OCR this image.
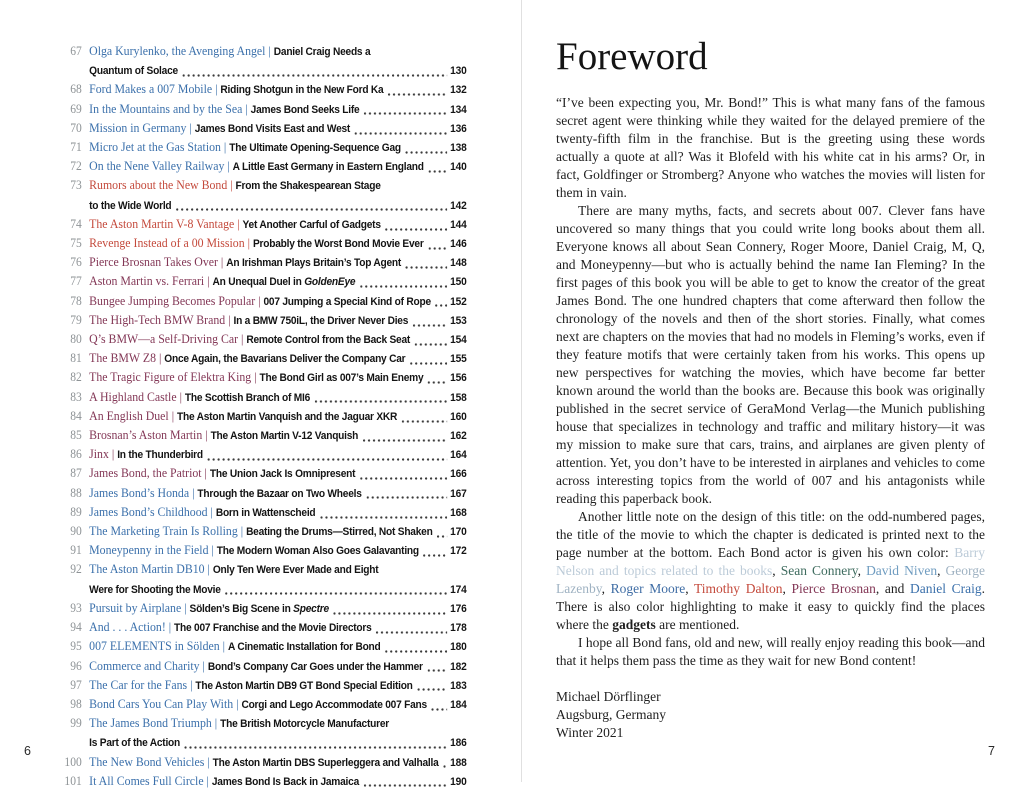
67 Olga Kurylenko, the Avenging Angel | Daniel Craig Needs a
Quantum of Solace	130
68 Ford Makes a 007 Mobile | Riding Shotgun in the New Ford Ka	132
69 In the Mountains and by the Sea | James Bond Seeks Life	134
70 Mission in Germany | James Bond Visits East and West	136
71 Micro Jet at the Gas Station | The Ultimate Opening-Sequence Gag	138
72 On the Nene Valley Railway | A Little East Germany in Eastern England 140
73 Rumors about the New Bond | From the Shakespearean Stage
to the Wide World	142
74 The Aston Martin V-8 Vantage | Yet Another Carful of Gadgets	144
75 Revenge Instead of a 00 Mission | Probably the Worst Bond Movie Ever 146
76 Pierce Brosnan Takes Over | An Irishman Plays Britain’s Top Agent	148
77 Aston Martin vs. Ferrari | An Unequal Duel in GoldenEye	150
78 Bungee Jumping Becomes Popular | 007 Jumping a Special Kind of Rope 152
79 The High-Tech BMW Brand | In a BMW 750iL, the Driver Never Dies	153
80 Q’s BMW—a Self-Driving Car | Remote Control from the Back Seat	154
81 The BMW Z8 | Once Again, the Bavarians Deliver the Company Car	155
82 The Tragic Figure of Elektra King | The Bond Girl as 007’s Main Enemy 156
83 A Highland Castle | The Scottish Branch of MI6	158
84 An English Duel | The Aston Martin Vanquish and the Jaguar XKR	160
85 Brosnan’s Aston Martin | The Aston Martin V-12 Vanquish	162
86 Jinx | In the Thunderbird	164
87 James Bond, the Patriot | The Union Jack Is Omnipresent	166
88 James Bond’s Honda | Through the Bazaar on Two Wheels	167
89 James Bond’s Childhood | Born in Wattenscheid	168
90 The Marketing Train Is Rolling | Beating the Drums—Stirred, Not Shaken 170
91 Moneypenny in the Field | The Modern Woman Also Goes Galavanting	172
92 The Aston Martin DB10 | Only Ten Were Ever Made and Eight
Were for Shooting the Movie	174
93 Pursuit by Airplane | Sölden’s Big Scene in Spectre	176
94 And . . . Action! | The 007 Franchise and the Movie Directors	178
95 007 ELEMENTS in Sölden | A Cinematic Installation for Bond	180
96 Commerce and Charity | Bond’s Company Car Goes under the Hammer 182
97 The Car for the Fans | The Aston Martin DB9 GT Bond Special Edition	183
98 Bond Cars You Can Play With | Corgi and Lego Accommodate 007 Fans 184
99 The James Bond Triumph | The British Motorcycle Manufacturer
Is Part of the Action	186
100 The New Bond Vehicles | The Aston Martin DBS Superleggera and Valhalla 188
101 It All Comes Full Circle | James Bond Is Back in Jamaica	190
6
Foreword

“I’ve been expecting you, Mr. Bond!” This is what many fans of the famous secret agent were thinking while they waited for the delayed premiere of the twenty-fifth film in the franchise. But is the greeting using these words actually a quote at all? Was it Blofeld with his white cat in his arms? Or, in fact, Goldfinger or Stromberg? Anyone who watches the movies will listen for them in vain.

There are many myths, facts, and secrets about 007. Clever fans have uncovered so many things that you could write long books about them all. Everyone knows all about Sean Connery, Roger Moore, Daniel Craig, M, Q, and Moneypenny—but who is actually behind the name Ian Fleming? In the first pages of this book you will be able to get to know the creator of the great James Bond. The one hundred chapters that come afterward then follow the chronology of the novels and then of the short stories. Finally, what comes next are chapters on the movies that had no models in Fleming’s works, even if they feature motifs that were certainly taken from his works. This opens up new perspectives for watching the movies, which have become far better known around the world than the books are. Because this book was originally published in the secret service of GeraMond Verlag—the Munich publishing house that specializes in technology and traffic and military history—it was my mission to make sure that cars, trains, and airplanes are given plenty of attention. Yet, you don’t have to be interested in airplanes and vehicles to come across interesting topics from the world of 007 and his antagonists while reading this paperback book.

Another little note on the design of this title: on the odd-numbered pages, the title of the movie to which the chapter is dedicated is printed next to the page number at the bottom. Each Bond actor is given his own color: Barry Nelson and topics related to the books, Sean Connery, David Niven, George Lazenby, Roger Moore, Timothy Dalton, Pierce Brosnan, and Daniel Craig. There is also color highlighting to make it easy to quickly find the places where the gadgets are mentioned.

I hope all Bond fans, old and new, will really enjoy reading this book—and that it helps them pass the time as they wait for new Bond content!

Michael Dörflinger
Augsburg, Germany
Winter 2021
7
